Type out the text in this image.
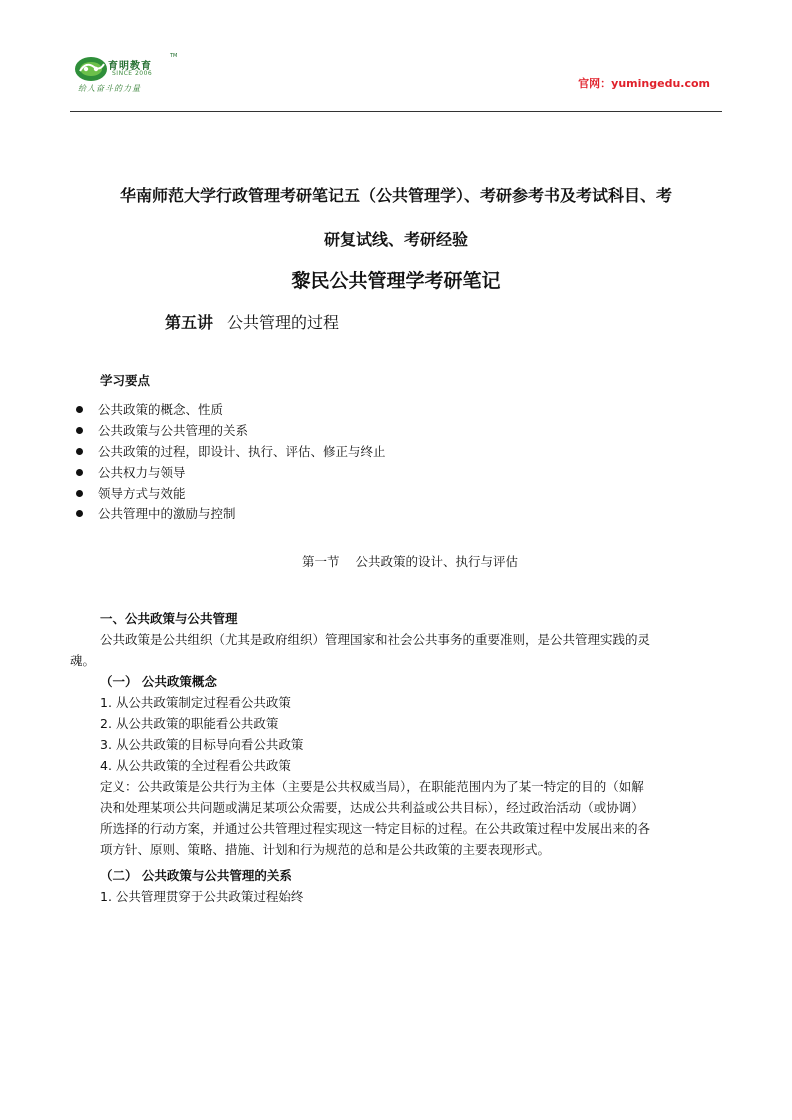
育明教育
TM
SINCE 2006
给人奋斗的力量	官网：yumingedu.com
华南师范大学行政管理考研笔记五（公共管理学）、考研参考书及考试科目、考
研复试线、考研经验
黎民公共管理学考研笔记
第五讲 公共管理的过程
学习要点
公共政策的概念、性质
公共政策与公共管理的关系
公共政策的过程，即设计、执行、评估、修正与终止
公共权力与领导
领导方式与效能
公共管理中的激励与控制
第一节 公共政策的设计、执行与评估
一、公共政策与公共管理
公共政策是公共组织（尤其是政府组织）管理国家和社会公共事务的重要准则，是公共管理实践的灵
魂。
（一） 公共政策概念
1. 从公共政策制定过程看公共政策
2. 从公共政策的职能看公共政策
3. 从公共政策的目标导向看公共政策
4. 从公共政策的全过程看公共政策
定义：公共政策是公共行为主体（主要是公共权威当局），在职能范围内为了某一特定的目的（如解
决和处理某项公共问题或满足某项公众需要，达成公共利益或公共目标），经过政治活动（或协调）
所选择的行动方案，并通过公共管理过程实现这一特定目标的过程。在公共政策过程中发展出来的各
项方针、原则、策略、措施、计划和行为规范的总和是公共政策的主要表现形式。
（二） 公共政策与公共管理的关系
1. 公共管理贯穿于公共政策过程始终
